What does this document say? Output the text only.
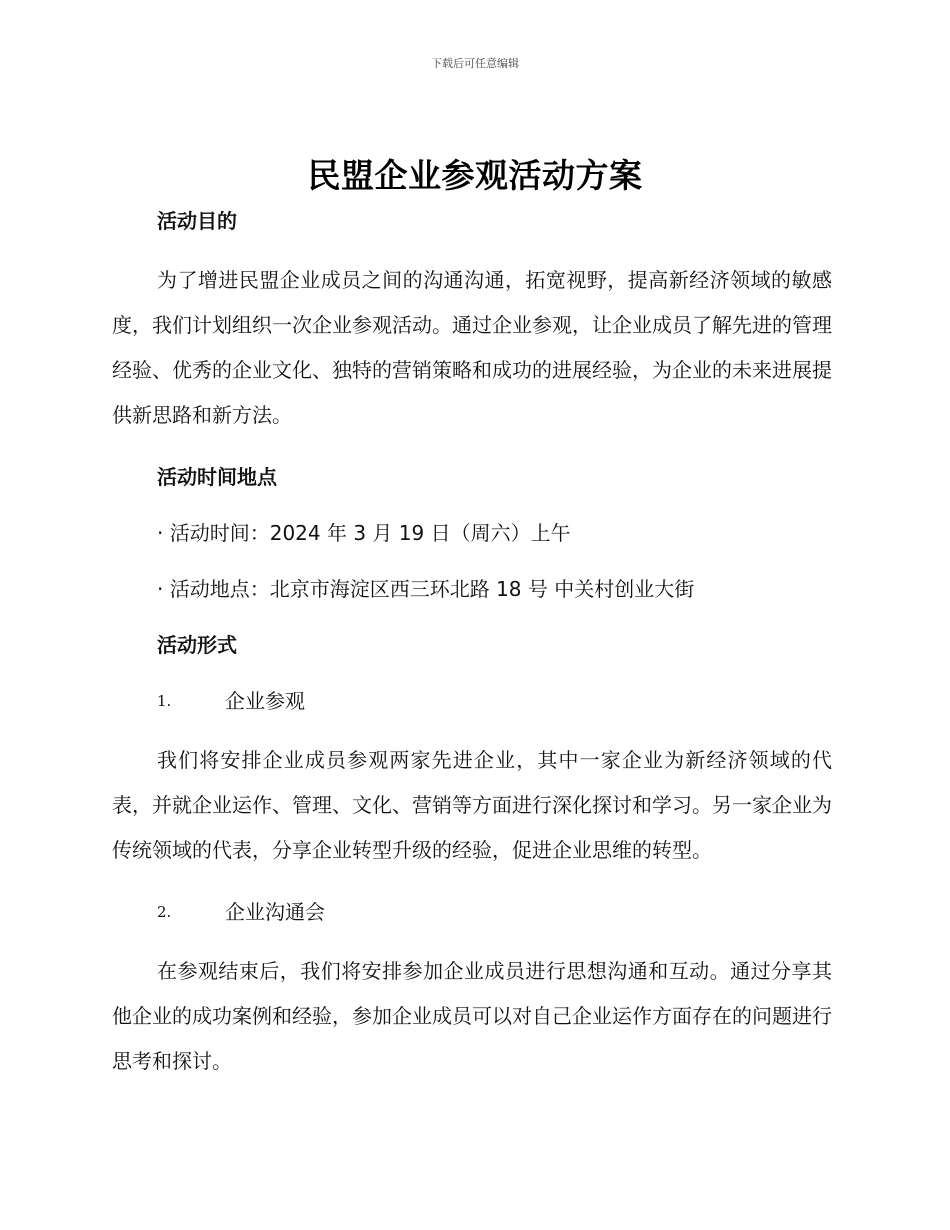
下载后可任意编辑
民盟企业参观活动方案
活动目的

为了增进民盟企业成员之间的沟通沟通，拓宽视野，提高新经济领域的敏感度，我们计划组织一次企业参观活动。通过企业参观，让企业成员了解先进的管理经验、优秀的企业文化、独特的营销策略和成功的进展经验，为企业的未来进展提供新思路和新方法。

活动时间地点
· 活动时间：2024 年 3 月 19 日（周六）上午
· 活动地点：北京市海淀区西三环北路 18 号 中关村创业大街
活动形式
1.	企业参观

我们将安排企业成员参观两家先进企业，其中一家企业为新经济领域的代表，并就企业运作、管理、文化、营销等方面进行深化探讨和学习。另一家企业为传统领域的代表，分享企业转型升级的经验，促进企业思维的转型。

2.	企业沟通会

在参观结束后，我们将安排参加企业成员进行思想沟通和互动。通过分享其他企业的成功案例和经验，参加企业成员可以对自己企业运作方面存在的问题进行思考和探讨。
